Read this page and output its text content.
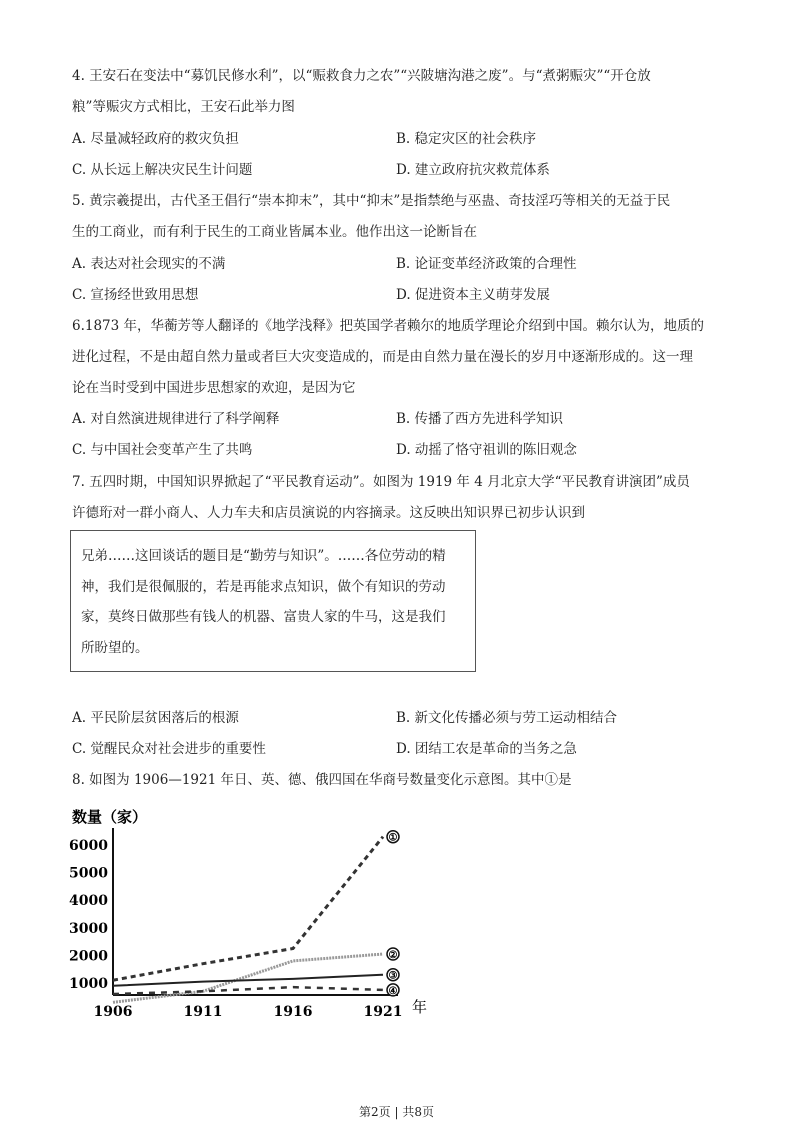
4. 王安石在变法中“募饥民修水利”，以“赈救食力之农”“兴陂塘沟港之废”。与“煮粥赈灾”“开仓放
粮”等赈灾方式相比，王安石此举力图
A. 尽量减轻政府的救灾负担	B. 稳定灾区的社会秩序
C. 从长远上解决灾民生计问题	D. 建立政府抗灾救荒体系
5. 黄宗羲提出，古代圣王倡行“崇本抑末”，其中“抑末”是指禁绝与巫蛊、奇技淫巧等相关的无益于民
生的工商业，而有利于民生的工商业皆属本业。他作出这一论断旨在
A. 表达对社会现实的不满	B. 论证变革经济政策的合理性
C. 宣扬经世致用思想	D. 促进资本主义萌芽发展
6.1873 年，华蘅芳等人翻译的《地学浅释》把英国学者赖尔的地质学理论介绍到中国。赖尔认为，地质的
进化过程，不是由超自然力量或者巨大灾变造成的，而是由自然力量在漫长的岁月中逐渐形成的。这一理
论在当时受到中国进步思想家的欢迎，是因为它
A. 对自然演进规律进行了科学阐释	B. 传播了西方先进科学知识
C. 与中国社会变革产生了共鸣	D. 动摇了恪守祖训的陈旧观念
7. 五四时期，中国知识界掀起了“平民教育运动”。如图为 1919 年 4 月北京大学“平民教育讲演团”成员
许德珩对一群小商人、人力车夫和店员演说的内容摘录。这反映出知识界已初步认识到
兄弟……这回谈话的题目是“勤劳与知识”。……各位劳动的精
神，我们是很佩服的，若是再能求点知识，做个有知识的劳动
家，莫终日做那些有钱人的机器、富贵人家的牛马，这是我们
所盼望的。
A. 平民阶层贫困落后的根源	B. 新文化传播必须与劳工运动相结合
C. 觉醒民众对社会进步的重要性	D. 团结工农是革命的当务之急
8. 如图为 1906—1921 年日、英、德、俄四国在华商号数量变化示意图。其中①是
数量（家）
年
1000
2000
3000
4000
5000
6000
1906	1911	1916	1921
①
②
③
④
第2页 | 共8页
